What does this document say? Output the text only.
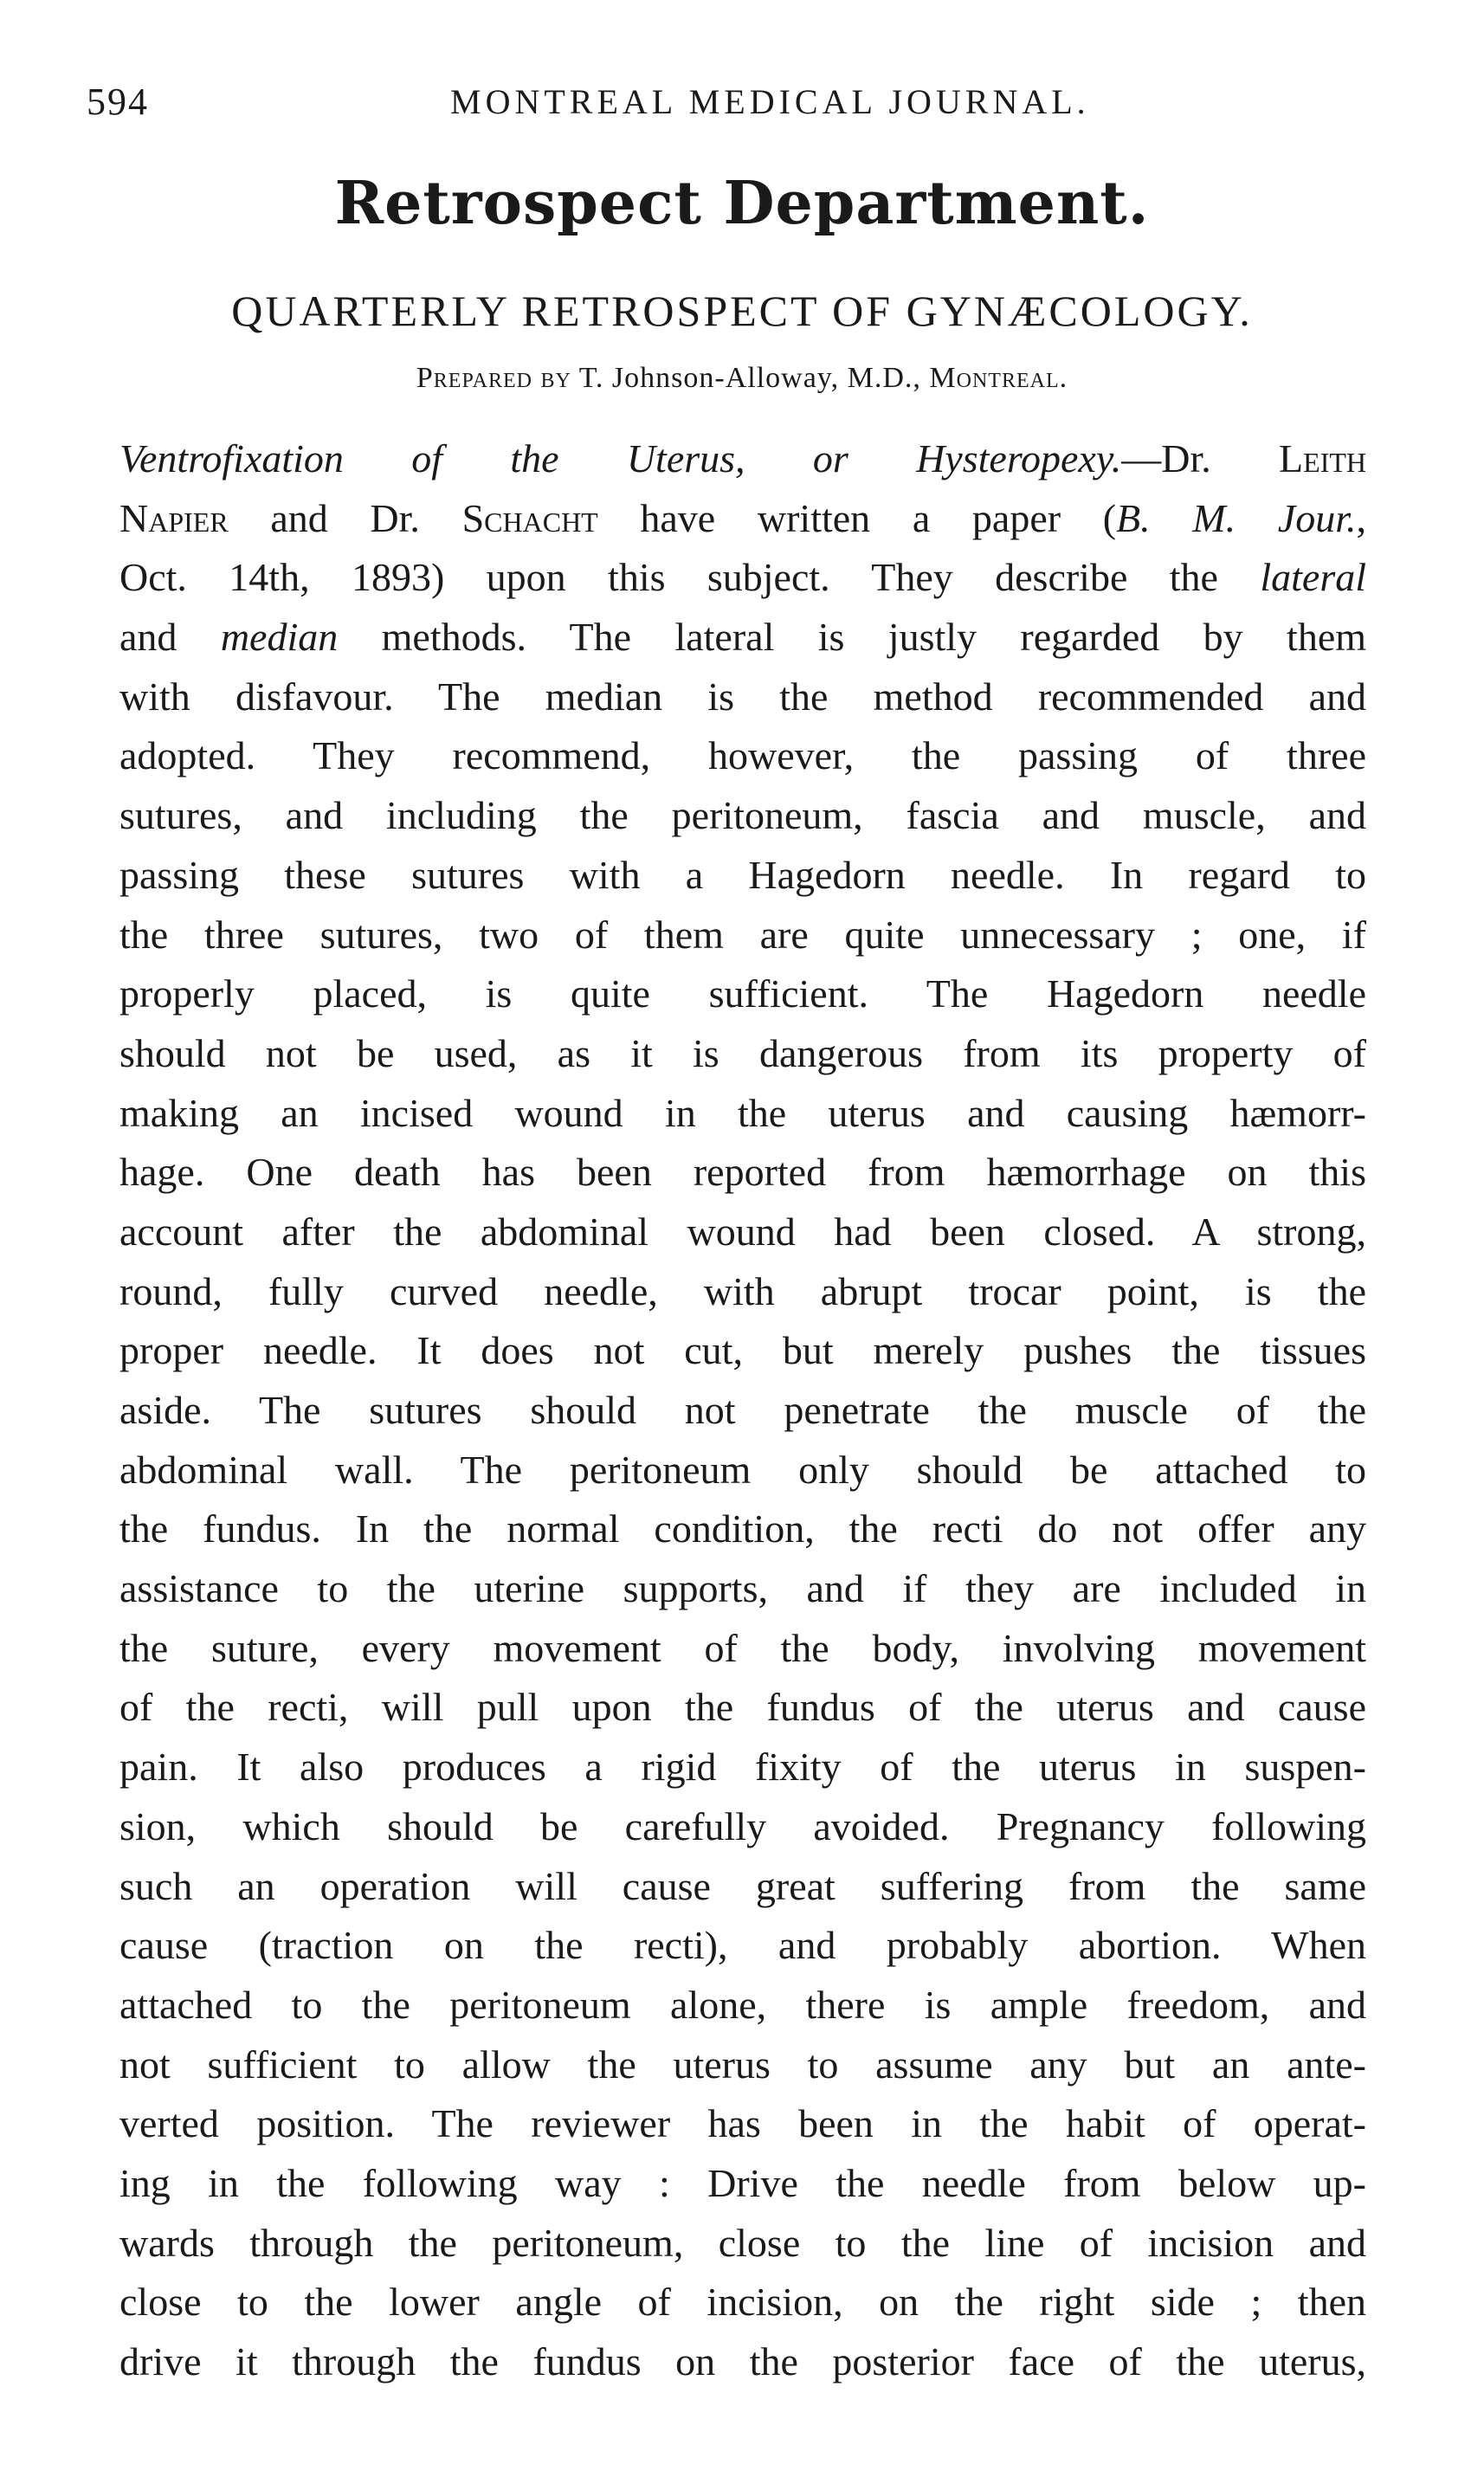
594	MONTREAL MEDICAL JOURNAL.
Retrospect Department.
QUARTERLY RETROSPECT OF GYNÆCOLOGY.
Prepared by T. Johnson-Alloway, M.D., Montreal.
Ventrofixation of the Uterus, or Hysteropexy.—Dr. Leith
Napier and Dr. Schacht have written a paper (B. M. Jour.,
Oct. 14th, 1893) upon this subject. They describe the lateral
and median methods. The lateral is justly regarded by them
with disfavour. The median is the method recommended and
adopted. They recommend, however, the passing of three
sutures, and including the peritoneum, fascia and muscle, and
passing these sutures with a Hagedorn needle. In regard to
the three sutures, two of them are quite unnecessary ; one, if
properly placed, is quite sufficient. The Hagedorn needle
should not be used, as it is dangerous from its property of
making an incised wound in the uterus and causing hæmorr-
hage. One death has been reported from hæmorrhage on this
account after the abdominal wound had been closed. A strong,
round, fully curved needle, with abrupt trocar point, is the
proper needle. It does not cut, but merely pushes the tissues
aside. The sutures should not penetrate the muscle of the
abdominal wall. The peritoneum only should be attached to
the fundus. In the normal condition, the recti do not offer any
assistance to the uterine supports, and if they are included in
the suture, every movement of the body, involving movement
of the recti, will pull upon the fundus of the uterus and cause
pain. It also produces a rigid fixity of the uterus in suspen-
sion, which should be carefully avoided. Pregnancy following
such an operation will cause great suffering from the same
cause (traction on the recti), and probably abortion. When
attached to the peritoneum alone, there is ample freedom, and
not sufficient to allow the uterus to assume any but an ante-
verted position. The reviewer has been in the habit of operat-
ing in the following way : Drive the needle from below up-
wards through the peritoneum, close to the line of incision and
close to the lower angle of incision, on the right side ; then
drive it through the fundus on the posterior face of the uterus,
